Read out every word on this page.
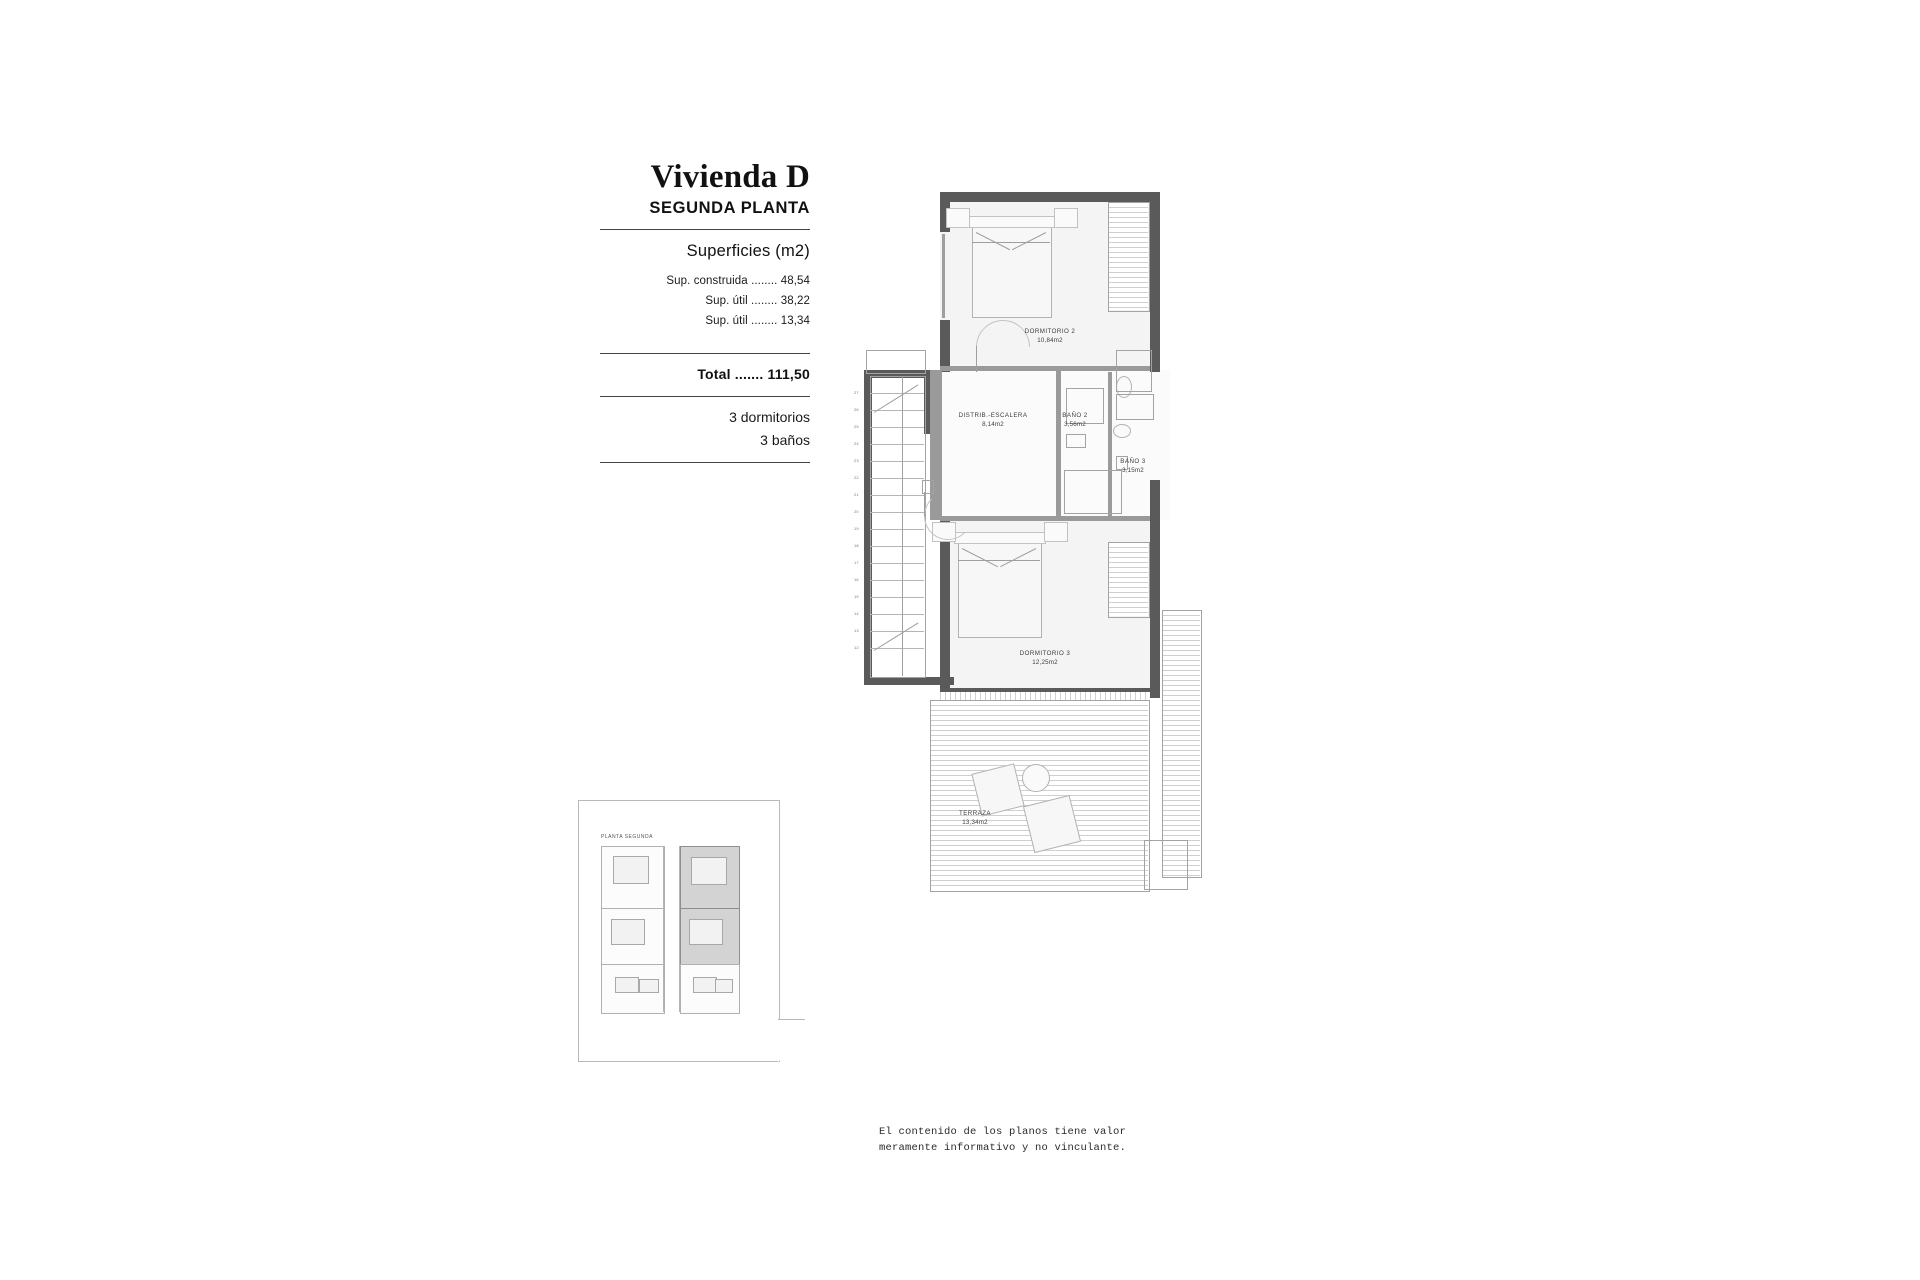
Vivienda D
SEGUNDA PLANTA
Superficies (m2)
Sup. construida ........ 48,54
Sup. útil ........ 38,22
Sup. útil ........ 13,34
Total ....... 111,50
3 dormitorios
3 baños
PLANTA SEGUNDA
27
26
25
24
23
22
21
20
19
18
17
16
15
14
13
12
DORMITORIO 2
10,84m2
DISTRIB.-ESCALERA
8,14m2
BAÑO 2
3,56m2
BAÑO 3
3,15m2
DORMITORIO 3
12,25m2
TERRAZA
13,34m2
El contenido de los planos tiene valor
meramente informativo y no vinculante.
